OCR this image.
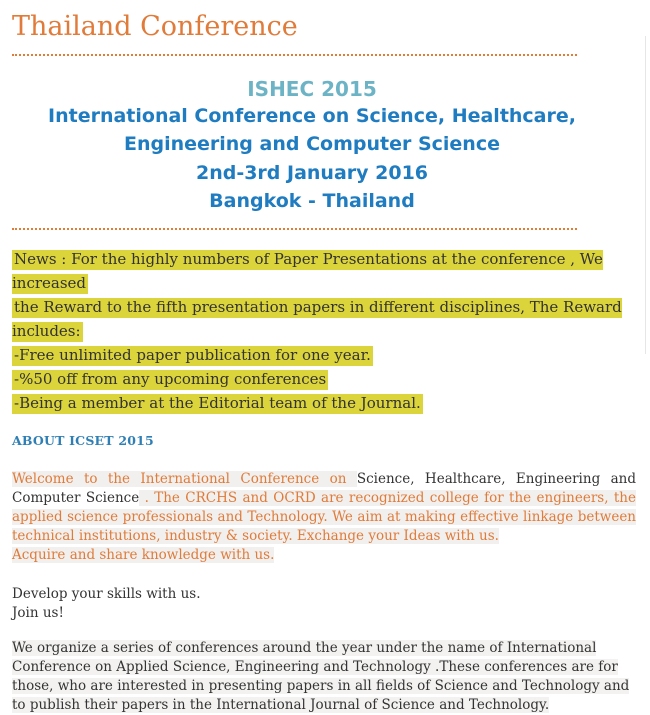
Thailand Conference
ISHEC 2015
International Conference on Science, Healthcare,
Engineering and Computer Science
2nd-3rd January 2016
Bangkok - Thailand
News : For the highly numbers of Paper Presentations at the conference , We increased
the Reward to the fifth presentation papers in different disciplines, The Reward includes:
-Free unlimited paper publication for one year.
-%50 off from any upcoming conferences
-Being a member at the Editorial team of the Journal.
ABOUT ICSET 2015
Welcome to the International Conference on Science, Healthcare, Engineering and Computer Science . The CRCHS and OCRD are recognized college for the engineers, the applied science professionals and Technology. We aim at making effective linkage between technical institutions, industry & society. Exchange your Ideas with us.
Acquire and share knowledge with us.
Develop your skills with us.
Join us!
We organize a series of conferences around the year under the name of International Conference on Applied Science, Engineering and Technology .These conferences are for those, who are interested in presenting papers in all fields of Science and Technology and to publish their papers in the International Journal of Science and Technology.
